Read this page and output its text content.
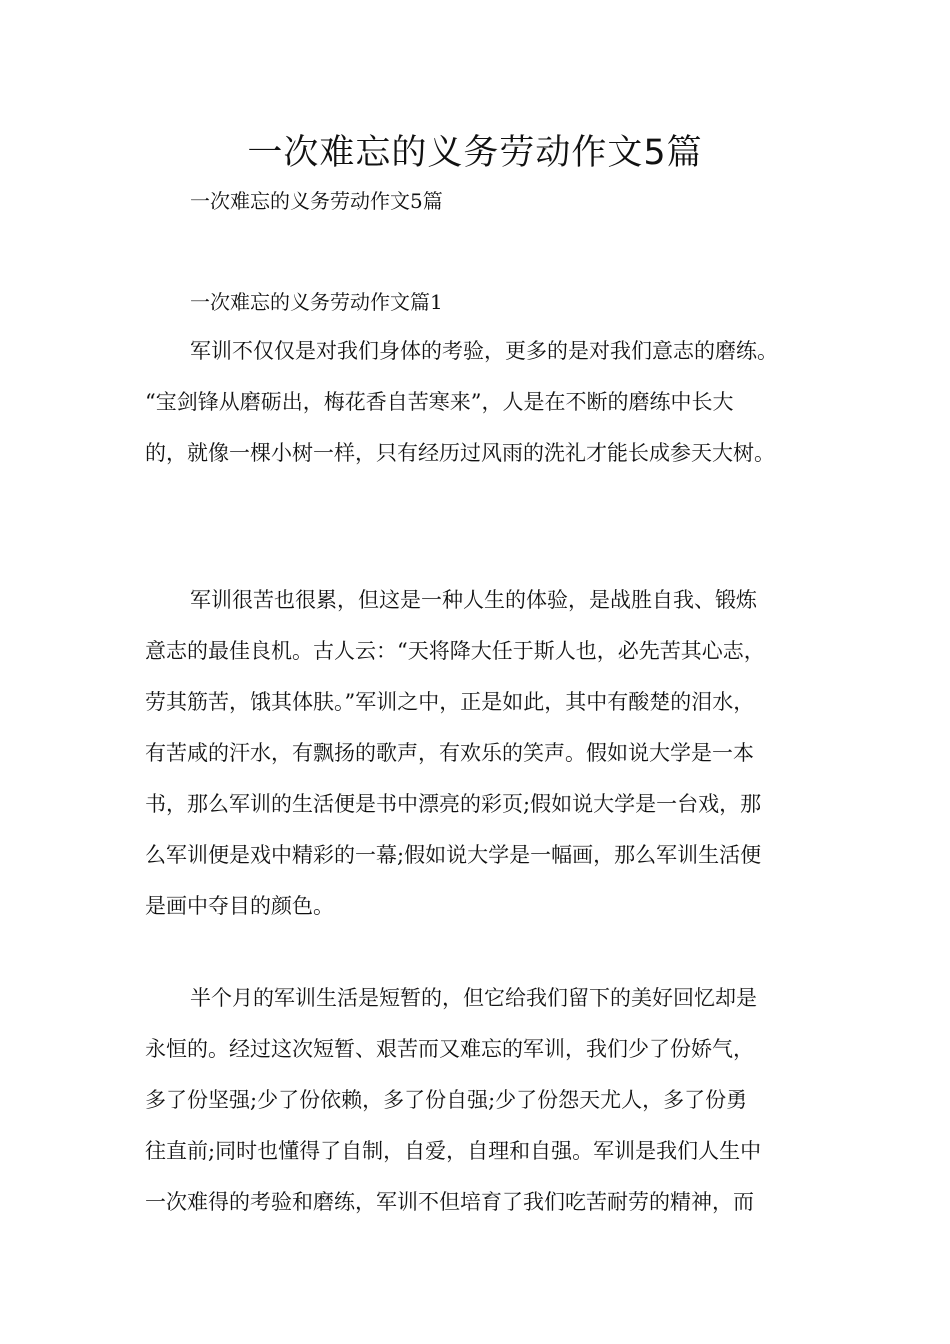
一次难忘的义务劳动作文5篇

一次难忘的义务劳动作文5篇

一次难忘的义务劳动作文篇1

军训不仅仅是对我们身体的考验，更多的是对我们意志的磨练。
“宝剑锋从磨砺出，梅花香自苦寒来”，人是在不断的磨练中长大
的，就像一棵小树一样，只有经历过风雨的洗礼才能长成参天大树。
军训很苦也很累，但这是一种人生的体验，是战胜自我、锻炼
意志的最佳良机。古人云：“天将降大任于斯人也，必先苦其心志，
劳其筋苦，饿其体肤。”军训之中，正是如此，其中有酸楚的泪水，
有苦咸的汗水，有飘扬的歌声，有欢乐的笑声。假如说大学是一本
书，那么军训的生活便是书中漂亮的彩页;假如说大学是一台戏，那
么军训便是戏中精彩的一幕;假如说大学是一幅画，那么军训生活便
是画中夺目的颜色。
半个月的军训生活是短暂的，但它给我们留下的美好回忆却是
永恒的。经过这次短暂、艰苦而又难忘的军训，我们少了份娇气，
多了份坚强;少了份依赖，多了份自强;少了份怨天尤人，多了份勇
往直前;同时也懂得了自制，自爱，自理和自强。军训是我们人生中
一次难得的考验和磨练，军训不但培育了我们吃苦耐劳的精神，而
